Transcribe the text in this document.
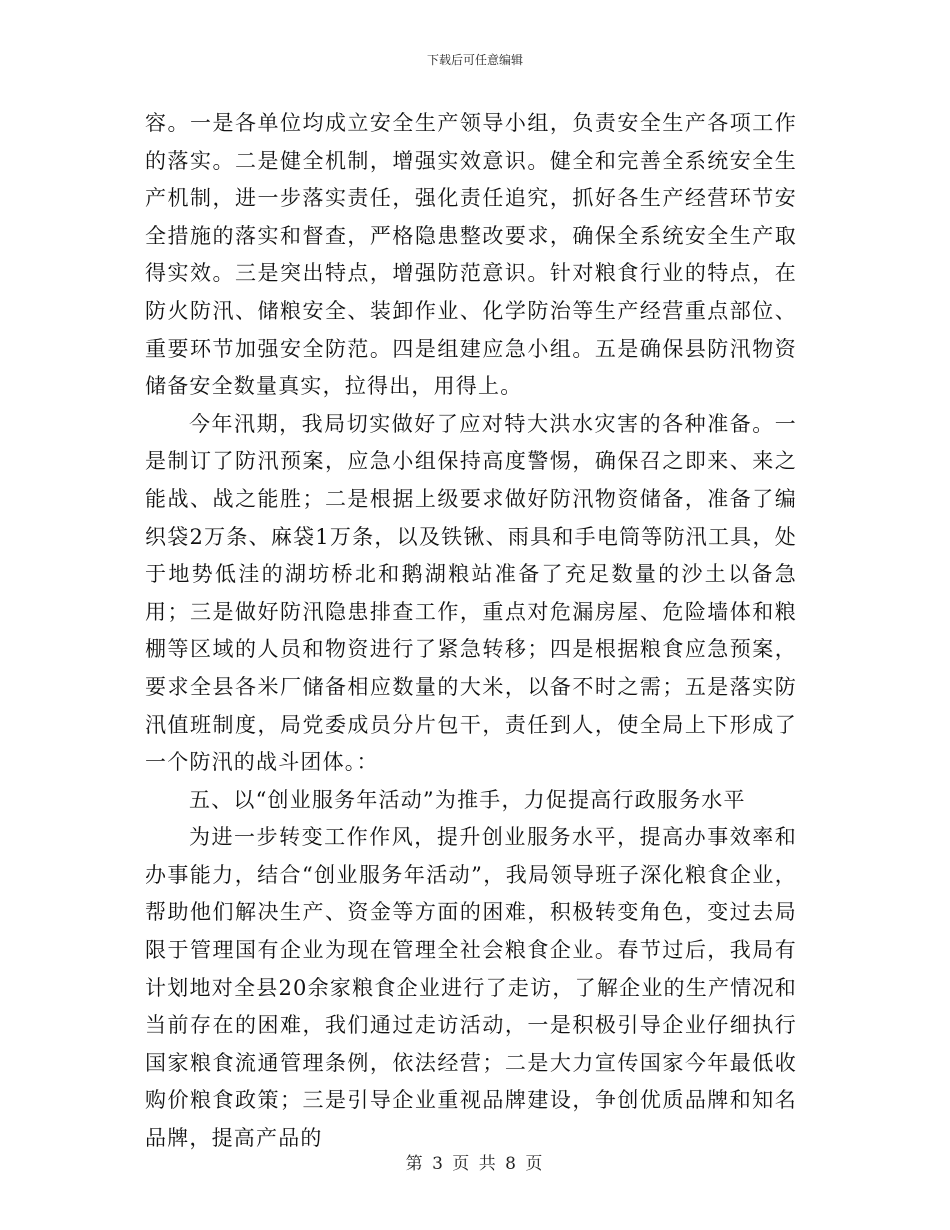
下载后可任意编辑

容。一是各单位均成立安全生产领导小组，负责安全生产各项工作的落实。二是健全机制，增强实效意识。健全和完善全系统安全生产机制，进一步落实责任，强化责任追究，抓好各生产经营环节安全措施的落实和督查，严格隐患整改要求，确保全系统安全生产取得实效。三是突出特点，增强防范意识。针对粮食行业的特点，在防火防汛、储粮安全、装卸作业、化学防治等生产经营重点部位、重要环节加强安全防范。四是组建应急小组。五是确保县防汛物资储备安全数量真实，拉得出，用得上。

今年汛期，我局切实做好了应对特大洪水灾害的各种准备。一是制订了防汛预案，应急小组保持高度警惕，确保召之即来、来之能战、战之能胜；二是根据上级要求做好防汛物资储备，准备了编织袋2万条、麻袋1万条，以及铁锹、雨具和手电筒等防汛工具，处于地势低洼的湖坊桥北和鹅湖粮站准备了充足数量的沙土以备急用；三是做好防汛隐患排查工作，重点对危漏房屋、危险墙体和粮棚等区域的人员和物资进行了紧急转移；四是根据粮食应急预案，要求全县各米厂储备相应数量的大米，以备不时之需；五是落实防汛值班制度，局党委成员分片包干，责任到人，使全局上下形成了一个防汛的战斗团体。：

五、以“创业服务年活动”为推手，力促提高行政服务水平

为进一步转变工作作风，提升创业服务水平，提高办事效率和办事能力，结合“创业服务年活动”，我局领导班子深化粮食企业，帮助他们解决生产、资金等方面的困难，积极转变角色，变过去局限于管理国有企业为现在管理全社会粮食企业。春节过后，我局有计划地对全县20余家粮食企业进行了走访，了解企业的生产情况和当前存在的困难，我们通过走访活动，一是积极引导企业仔细执行国家粮食流通管理条例，依法经营；二是大力宣传国家今年最低收购价粮食政策；三是引导企业重视品牌建设，争创优质品牌和知名品牌，提高产品的

第 3 页 共 8 页
